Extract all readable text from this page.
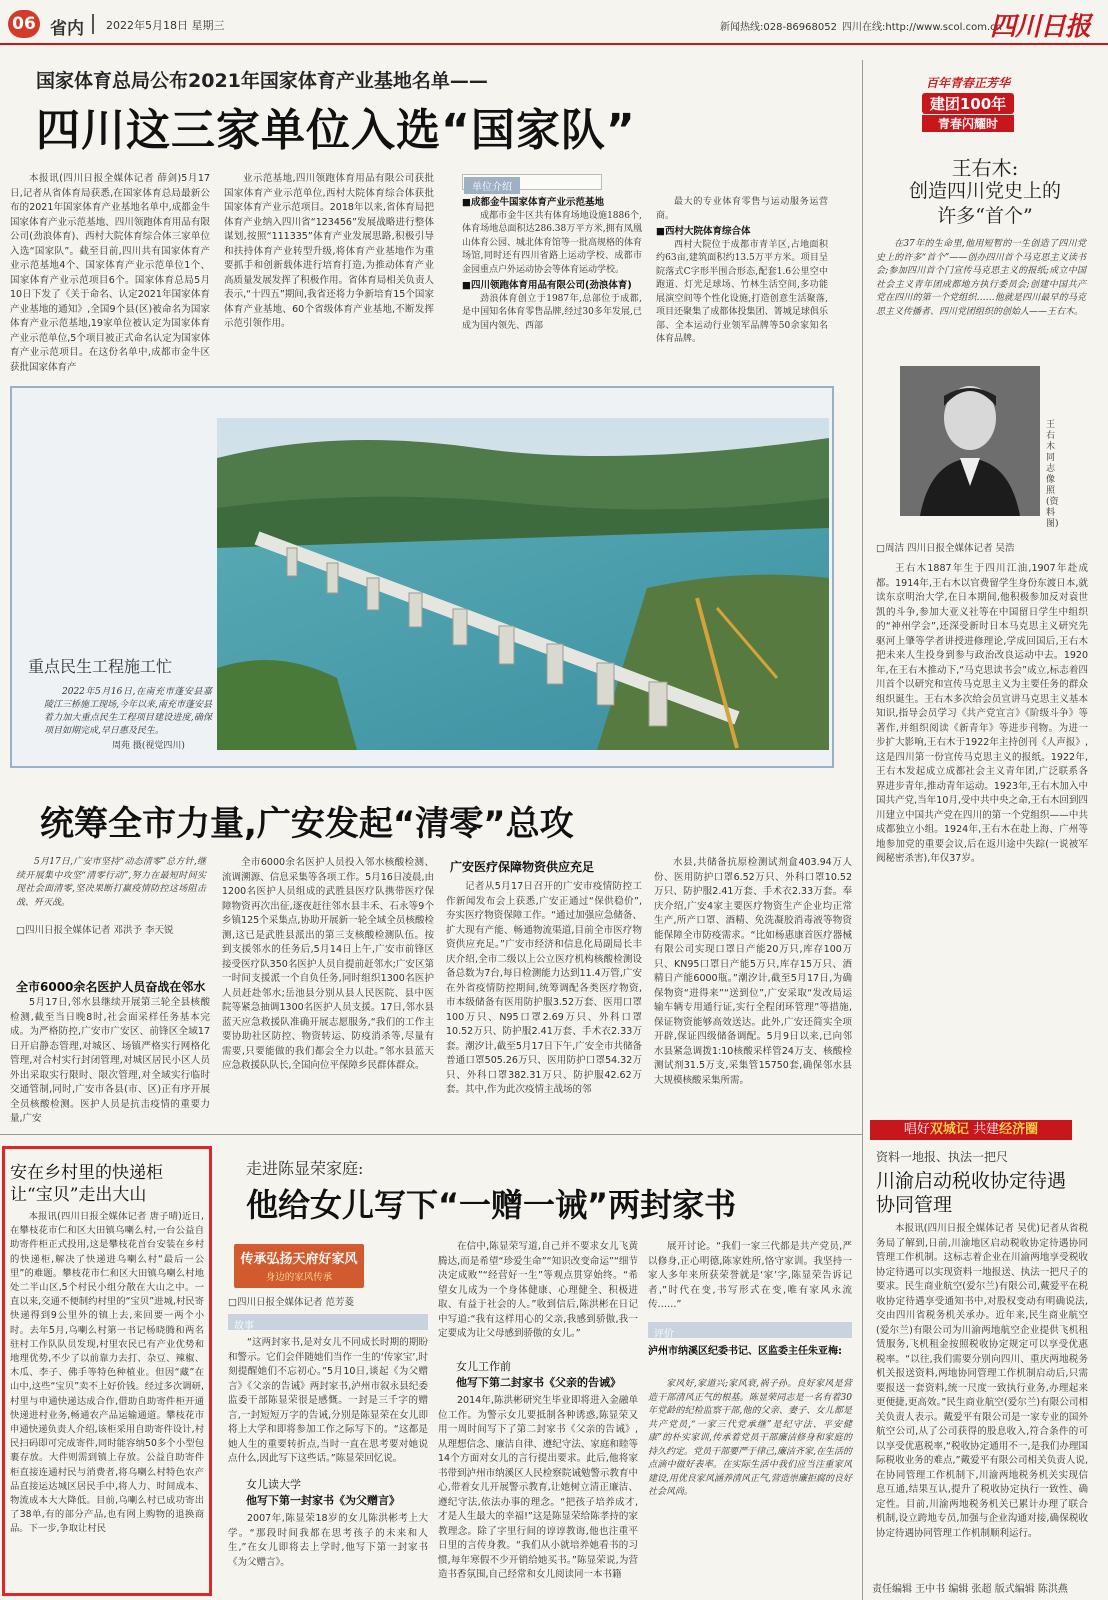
06 省内 2022年5月18日 星期三	新闻热线:028-86968052 四川在线:http://www.scol.com.cn
四川日报
国家体育总局公布2021年国家体育产业基地名单——
四川这三家单位入选“国家队”

本报讯(四川日报全媒体记者 薛剑)5月17日,记者从省体育局获悉,在国家体育总局最新公布的2021年国家体育产业基地名单中,成都金牛国家体育产业示范基地、四川领跑体育用品有限公司(劲浪体育)、西村大院体育综合体三家单位入选“国家队”。截至目前,四川共有国家体育产业示范基地4个、国家体育产业示范单位1个、国家体育产业示范项目6个。国家体育总局5月10日下发了《关于命名、认定2021年国家体育产业基地的通知》,全国9个县(区)被命名为国家体育产业示范基地,19家单位被认定为国家体育产业示范单位,5个项目被正式命名认定为国家体育产业示范项目。在这份名单中,成都市金牛区获批国家体育产

业示范基地,四川领跑体育用品有限公司获批国家体育产业示范单位,西村大院体育综合体获批国家体育产业示范项目。2018年以来,省体育局把体育产业纳入四川省“123456”发展战略进行整体谋划,按照“111335”体育产业发展思路,积极引导和扶持体育产业转型升级,将体育产业基地作为重要抓手和创新载体进行培育打造,为推动体育产业高质量发展发挥了积极作用。省体育局相关负责人表示,“十四五”期间,我省还将力争新培育15个国家体育产业基地、60个省级体育产业基地,不断发挥示范引领作用。

单位介绍
■成都金牛国家体育产业示范基地

成都市金牛区共有体育场地设施1886个,体育场地总面积达286.38万平方米,拥有凤凰山体育公园、城北体育馆等一批高规格的体育场馆,同时还有四川省路上运动学校、成都市金园重点户外运动协会等体育运动学校。

■四川领跑体育用品有限公司(劲浪体育)

劲浪体育创立于1987年,总部位于成都,是中国知名体育零售品牌,经过30多年发展,已成为国内领先、西部

最大的专业体育零售与运动服务运营商。

■西村大院体育综合体

西村大院位于成都市青羊区,占地面积约63亩,建筑面积约13.5万平方米。项目呈院落式C字形半围合形态,配套1.6公里空中跑道、灯光足球场、竹林生活空间,多功能展演空间等个性化设施,打造创意生活聚落,项目还聚集了成都体投集团、箐城足球俱乐部、全本运动行业领军品牌等50余家知名体育品牌。

重点民生工程施工忙

2022年5月16日,在南充市蓬安县嘉陵江三桥施工现场,今年以来,南充市蓬安县着力加大重点民生工程项目建设进度,确保项目如期完成,早日惠及民生。

周苑 摄(视觉四川)
百年青春正芳华
建团100年
青春闪耀时
王右木:
创造四川党史上的
许多“首个”

在37年的生命里,他用短暂的一生创造了四川党史上的许多“首个”——创办四川首个马克思主义读书会;参加四川首个门宣传马克思主义的报纸;成立中国社会主义青年团成都地方执行委员会;创建中国共产党在四川的第一个党组织……他就是四川最早的马克思主义传播者、四川党团组织的创始人——王右木。

王右木同志像照(资料图)
□周洁 四川日报全媒体记者 吴浩

王右木1887年生于四川江油,1907年赴成都。1914年,王右木以官费留学生身份东渡日本,就读东京明治大学,在日本期间,他积极参加反对袁世凯的斗争,参加大亚义社等在中国留日学生中组织的“神州学会”,还深受新时日本马克思主义研究先驱河上肇等学者讲授进修理论,学成回国后,王右木把未来人生投身到参与政治改良运动中去。1920年,在王右木推动下,“马克思读书会”成立,标志着四川首个以研究和宣传马克思主义为主要任务的群众组织诞生。王右木多次给会员宣讲马克思主义基本知识,指导会员学习《共产党宣言》《阶级斗争》等著作,并组织阅读《新青年》等进步刊物。为进一步扩大影响,王右木于1922年主持创刊《人声报》,这是四川第一份宣传马克思主义的报纸。1922年,王右木发起成立成都社会主义青年团,广泛联系各界进步青年,推动青年运动。1923年,王右木加入中国共产党,当年10月,受中共中央之命,王右木回到四川建立中国共产党在四川的第一个党组织——中共成都独立小组。1924年,王右木在赴上海、广州等地参加党的重要会议,后在返川途中失踪(一说被军阀秘密杀害),年仅37岁。

统筹全市力量,广安发起“清零”总攻

5月17日,广安市坚持“动态清零”总方针,继续开展集中攻坚“清零行动”,努力在最短时间实现社会面清零,坚决果断打赢疫情防控这场阻击战、歼灭战。

□四川日报全媒体记者 邓洪予 李天锐
全市6000余名医护人员奋战在邻水

5月17日,邻水县继续开展第三轮全县核酸检测,截至当日晚8时,社会面采样任务基本完成。为严格防控,广安市广安区、前锋区全域17日开启静态管理,对城区、场镇严格实行网格化管理,对合村实行封闭管理,对城区居民小区人员外出采取实行限时、限次管理,对全域实行临时交通管制,同时,广安市各县(市、区)正有序开展全员核酸检测。医护人员是抗击疫情的重要力量,广安

全市6000余名医护人员投入邻水核酸检测、流调溯源、信息采集等各项工作。5月16日凌晨,由1200名医护人员组成的武胜县医疗队携带医疗保障物资再次出征,逐夜赶往邻水县丰禾、石永等9个乡镇125个采集点,协助开展新一轮全域全员核酸检测,这已是武胜县派出的第三支核酸检测队伍。按到支援邻水的任务后,5月14日上午,广安市前锋区接受医疗队350名医护人员自提前赶邻水;广安区第一时间支援派一个自负任务,同时组织1300名医护人员赶赴邻水;岳池县分别从县人民医院、县中医院等紧急抽调1300名医护人员支援。17日,邻水县蓝天应急救援队准确开展志愿服务,“我们的工作主要协助社区防控、物资转运、防疫消杀等,尽量有需要,只要能做的我们都会全力以赴。”邻水县蓝天应急救援队队长,全国向位平保障乡民群体群众。

广安医疗保障物资供应充足

记者从5月17日召开的广安市疫情防控工作新闻发布会上获悉,广安正通过“保供稳价”,夯实医疗物资保障工作。“通过加强应急储备、扩大现有产能、畅通物流渠道,目前全市医疗物资供应充足。”广安市经济和信息化局副局长丰庆介绍,全市二级以上公立医疗机构核酸检测设备总数为7台,每日检测能力达到11.4万管,广安在外省疫情防控期间,统筹调配各类医疗物资,市本级储备有医用防护服3.52万套、医用口罩100万只、N95口罩2.69万只、外科口罩10.52万只、防护服2.41万套、手术衣2.33万套。潮汐计,截至5月17日下午,广安全市共储备普通口罩505.26万只、医用防护口罩54.32万只、外科口罩382.31万只、防护服42.62万套。其中,作为此次疫情主战场的邻

水县,共储备抗原检测试剂盒403.94万人份、医用防护口罩6.52万只、外科口罩10.52万只、防护服2.41万套、手术衣2.33万套。奉庆介绍,广安4家主要医疗物资生产企业均正常生产,所产口罩、酒精、免洗凝胶消毒液等物资能保障全市防疫需求。“比如杨惠康首医疗器械有限公司实现口罩日产能20万只,库存100万只、KN95口罩日产能5万只,库存15万只、酒精日产能6000瓶。”潮汐计,截至5月17日,为确保物资“进得来”“送到位”,广安采取“发改局运输车辆专用通行证,实行全程闭环管理”等措施,保证物资能够高效送达。此外,广安还简实全项开辟,保证四级储备调配。5月9日以来,已向邻水县紧急调拨1:10核酸采样管24万支、核酸检测试剂31.5万支,采集管15750套,确保邻水县大规模核酸采集所需。

安在乡村里的快递柜
让“宝贝”走出大山

本报讯(四川日报全媒体记者 唐子晴)近日,在攀枝花市仁和区大田镇乌喇么村,一台公益自助寄件柜正式投用,这是攀枝花首台安装在乡村的快递柜,解决了快递进乌喇么村“最后一公里”的难题。攀枝花市仁和区大田镇乌喇么村地处二半山区,5个村民小组分散在大山之中。一直以来,交通不便制约村里的“宝贝”进城,村民寄快递得到9公里外的镇上去,来回要一两个小时。去年5月,乌喇么村第一书记杨晓腾和两名驻村工作队队员发现,村里农民已有产业优势和地理优势,不少了以前靠力去打、杂豆、辣椒、木瓜、李子、佛手等特色种植业。但因“藏”在山中,这些“宝贝”卖不上好价钱。经过多次调研,村里与申通快递达成合作,借助自助寄件柜开通快递进村业务,畅通农产品运输通道。攀枝花市申通快递负责人介绍,该柜采用自助寄件设计,村民扫码即可完成寄件,同时能容纳50多个小型包裹存放。大件则需到镇上存放。公益自助寄件柜直接连通村民与消费者,将乌喇么村特色农产品直接运达城区居民手中,将人力、时间成本、物流成本大大降低。目前,乌喇么村已成功寄出了38单,有的部分产品,也有网上购物的退换商品。下一步,争取让村民

走进陈显荣家庭:
他给女儿写下“一赠一诫”两封家书
传承弘扬天府好家风
身边的家风传承
□四川日报全媒体记者 范芳菱
故事

“这两封家书,是对女儿不同成长时期的期盼和警示。它们会伴随她们当作一生的‘传家宝’,时刻提醒她们不忘初心。”5月10日,谈起《为父赠言》《父亲的告诫》两封家书,泸州市叙永县纪委监委干部陈显荣很是感慨。一封是三千字的赠言,一封短短万字的告诫,分别是陈显荣在女儿即将上大学和即将参加工作之际写下的。“这都是她人生的重要转折点,当时一直在思考要对她说点什么,因此写下这些话。”陈显荣回忆说。

女儿读大学
他写下第一封家书《为父赠言》

2007年,陈显荣18岁的女儿陈洪彬考上大学。“那段时间我都在思考孩子的未来和人生,”在女儿即将去上学时,他写下第一封家书《为父赠言》。

在信中,陈显荣写道,自己并不要求女儿飞黄腾达,而是希望“珍爱生命”“知识改变命运”“细节决定成败”“经营好一生”等观点贯穿始终。“希望女儿成为一个身体健康、心理健全、积极进取、有益于社会的人。”收到信后,陈洪彬在日记中写道:“我有这样用心的父亲,我感到骄傲,我一定要成为让父母感到骄傲的女儿。”

女儿工作前
他写下第二封家书《父亲的告诫》

2014年,陈洪彬研究生毕业即将进入金融单位工作。为警示女儿要抵制各种诱惑,陈显荣又用一周时间写下了第二封家书《父亲的告诫》,从理想信念、廉洁自律、遵纪守法、家庭和睦等14个方面对女儿的言行提出要求。此后,他将家书带到泸州市纳溪区人民检察院诫勉警示教育中心,带着女儿开展警示教育,让她树立清正廉洁、遵纪守法,依法办事的理念。“把孩子培养成才,才是人生最大的幸福!”这是陈显荣给陈孝持的家教理念。除了字里行间的谆谆教诲,他也注重平日里的言传身教。“我们从小就培养她看书的习惯,每年寒假不少开销给她买书。”陈显荣说,为营造书香氛围,自己经常和女儿阅读同一本书籍

展开讨论。“我们一家三代都是共产党员,严以修身,正心明德,陈家姓所,恪守家训。我坚持一家人多年来所获荣誉就是‘家’字,陈显荣告诉记者,”时代在变,书写形式在变,唯有家风永流传……”

评价
泸州市纳溪区纪委书记、区监委主任朱亚梅:

家风好,家道兴;家风衰,祸子孙。良好家风是营造干部清风正气的根基。陈显荣同志是一名有着30年党龄的纪检监察干部,他的父亲、妻子、女儿都是共产党员,“一家三代党承继”是纪守法、平安健康”的朴实家训,传承着党员干部廉洁修身和家庭的持久约定。党员干部要严于律己,廉洁齐家,在生活的点滴中做好表率。在实际生活中我们应当注重家风建设,用优良家风涵养清风正气,营造崇廉拒腐的良好社会风尚。

唱好双城记 共建经济圈
资料一地报、执法一把尺
川渝启动税收协定待遇
协同管理

本报讯(四川日报全媒体记者 吴优)记者从省税务局了解到,日前,川渝地区启动税收协定待遇协同管理工作机制。这标志着企业在川渝两地享受税收协定待遇可以实现资料一地报送、执法一把尺子的要求。民生商业航空(爱尔兰)有限公司,戴爱平在税收协定待遇享受通知书中,对股权变动有明确说法,交由四川省税务机关承办。近年来,民生商业航空(爱尔兰)有限公司为川渝两地航空企业提供飞机租赁服务,飞机租金按照税收协定规定可以享受优惠税率。“以往,我们需要分别向四川、重庆两地税务机关报送资料,两地协同管理工作机制启动后,只需要报送一套资料,统一尺度一致执行业务,办理起来更便捷,更高效。”民生商业航空(爱尔兰)有限公司相关负责人表示。戴爱平有限公司是一家专业的国外航空公司,从了公司获得的股息收入,符合条件的可以享受优惠税率,“税收协定通用不一,是我们办理国际税收业务的难点,”戴爱平有限公司相关负责人说,在协同管理工作机制下,川渝两地税务机关实现信息互通,结果互认,提升了税收协定执行一致性、确定性。目前,川渝两地税务机关已累计办理了联合机制,设立跨地专员,加强与企业沟通对接,确保税收协定待遇协同管理工作机制顺利运行。

责任编辑 王中书 编辑 张超 版式编辑 陈洪燕
